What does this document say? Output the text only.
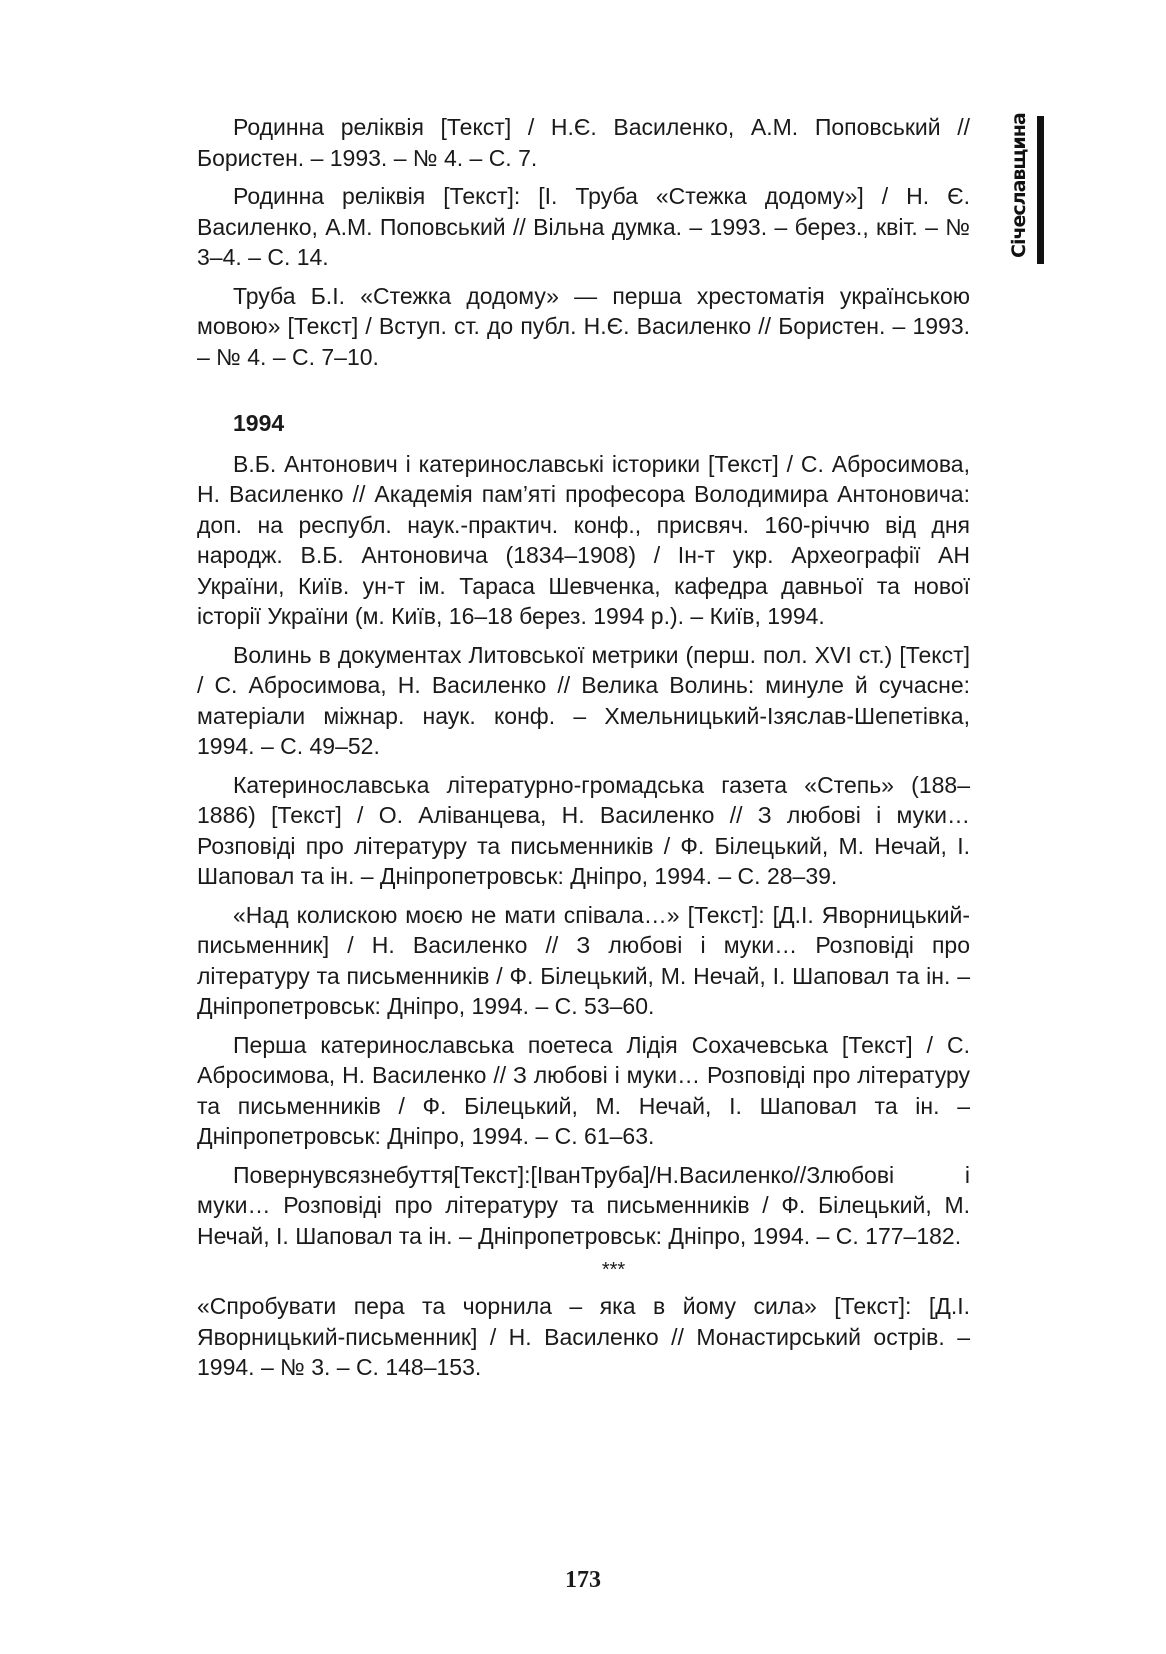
Січеславщина

Родинна реліквія [Текст] / Н.Є. Василенко, А.М. Поповський // Бористен. – 1993. – № 4. – С. 7.

Родинна реліквія [Текст]: [І. Труба «Стежка додому»] / Н. Є. Василенко, А.М. Поповський // Вільна думка. – 1993. – берез., квіт. – № 3–4. – С. 14.

Труба Б.І. «Стежка додому» — перша хрестоматія українською мовою» [Текст] / Вступ. ст. до публ. Н.Є. Василенко // Бористен. – 1993. – № 4. – С. 7–10.

1994

В.Б. Антонович і катеринославські історики [Текст] / С. Абросимова, Н. Василенко // Академія пам’яті професора Володимира Антоновича: доп. на республ. наук.-практич. конф., присвяч. 160-річчю від дня народж. В.Б. Антоновича (1834–1908) / Ін-т укр. Археографії АН України, Київ. ун-т ім. Тараса Шевченка, кафедра давньої та нової історії України (м. Київ, 16–18 берез. 1994 р.). – Київ, 1994.

Волинь в документах Литовської метрики (перш. пол. XVI ст.) [Текст] / С. Абросимова, Н. Василенко // Велика Волинь: минуле й сучасне: матеріали міжнар. наук. конф. – Хмельницький-Ізяслав-Шепетівка, 1994. – С. 49–52.

Катеринославська літературно-громадська газета «Степь» (188–1886) [Текст] / О. Аліванцева, Н. Василенко // З любові і муки… Розповіді про літературу та письменників / Ф. Білецький, М. Нечай, І. Шаповал та ін. – Дніпропетровськ: Дніпро, 1994. – С. 28–39.

«Над колискою моєю не мати співала…» [Текст]: [Д.І. Яворницький-письменник] / Н. Василенко // З любові і муки… Розповіді про літературу та письменників / Ф. Білецький, М. Нечай, І. Шаповал та ін. – Дніпропетровськ: Дніпро, 1994. – С. 53–60.

Перша катеринославська поетеса Лідія Сохачевська [Текст] / С. Абросимова, Н. Василенко // З любові і муки… Розповіді про літературу та письменників / Ф. Білецький, М. Нечай, І. Шаповал та ін. – Дніпропетровськ: Дніпро, 1994. – С. 61–63.

Повернувсязнебуття[Текст]:[ІванТруба]/Н.Василенко//Злюбові і муки… Розповіді про літературу та письменників / Ф. Білецький, М. Нечай, І. Шаповал та ін. – Дніпропетровськ: Дніпро, 1994. – С. 177–182.

***

«Спробувати пера та чорнила – яка в йому сила» [Текст]: [Д.І. Яворницький-письменник] / Н. Василенко // Монастирський острів. – 1994. – № 3. – С. 148–153.

173
